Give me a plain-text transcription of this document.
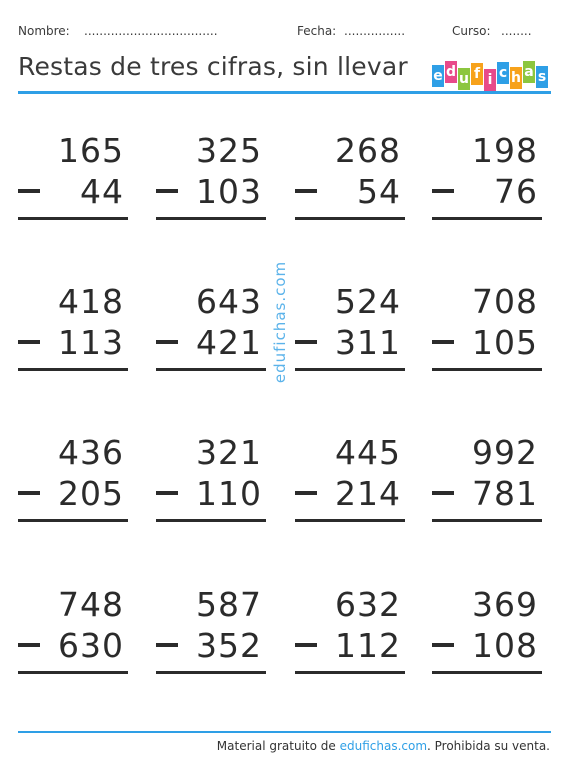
Nombre: ...................................	Fecha: ................	Curso: ........
Restas de tres cifras, sin llevar e d u f i c h a s
edufichas.com
165
44
325
103
268
54
198
76
418
113
643
421
524
311
708
105
436
205
321
110
445
214
992
781
748
630
587
352
632
112
369
108
Material gratuito de edufichas.com. Prohibida su venta.
